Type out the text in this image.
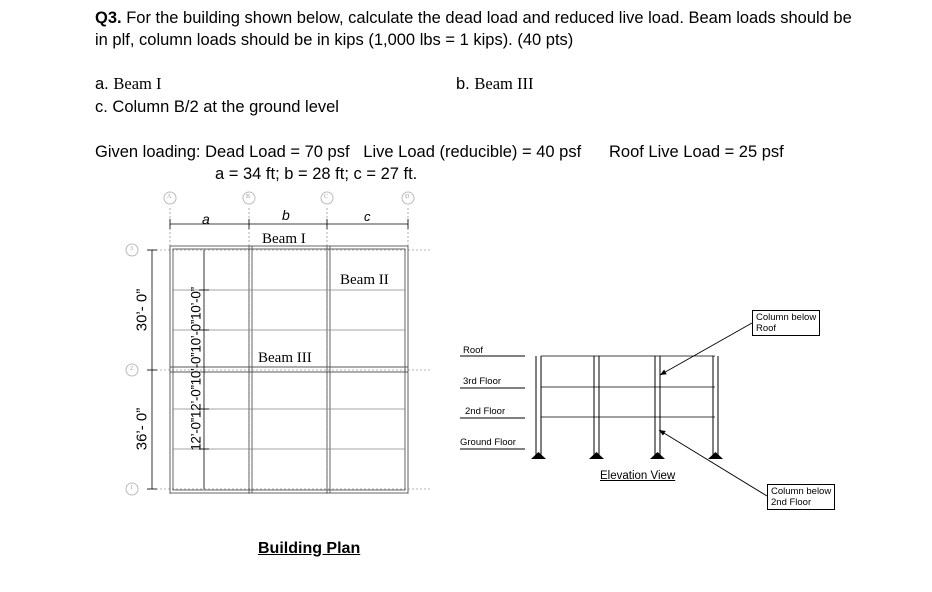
Q3. For the building shown below, calculate the dead load and reduced live load. Beam loads should be
in plf, column loads should be in kips (1,000 lbs = 1 kips). (40 pts)
a. Beam I	b. Beam III
c. Column B/2 at the ground level
Given loading: Dead Load = 70 psf   Live Load (reducible) = 40 psf Roof Live Load = 25 psf
a = 34 ft; b = 28 ft; c = 27 ft.
A	B	C	D
3
2
1
a	b	c
Beam I
Beam II
Beam III
30’- 0”
36’- 0”	12’-0”12’-0”10’-0”10’-0”10’-0”
Building Plan
Roof
3rd Floor
2nd Floor
Ground Floor
Elevation View
Column below
Roof
Column below
2nd Floor
